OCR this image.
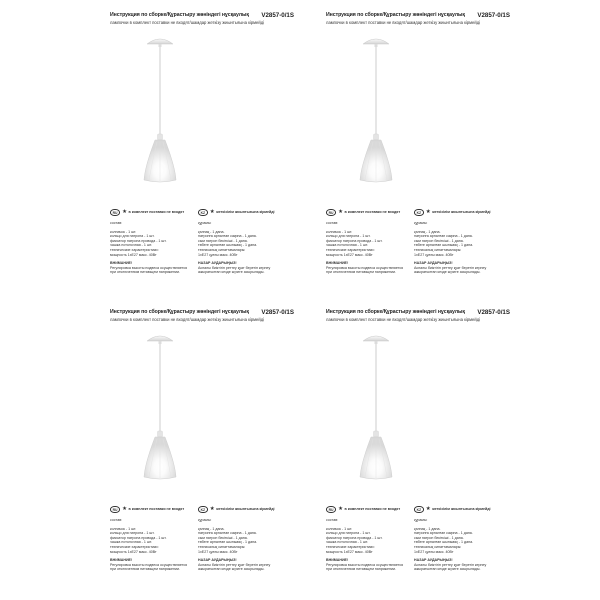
Инструкция по сборке/Құрастыру жөніндегі нұсқаулық V2857-0/1S
лампочки в комплект поставки не входят/шамдар жеткізу жиынтығына кірмейді
RU ★ в комплект поставки не входят
состав:
колпачок - 1 шт.
кольцо для патрона - 1 шт.
фиксатор патрона провода - 1 шт.
чашка потолочная - 1 шт.
технические характеристики:
мощность 1xE27 макс. 40Вт
ВНИМАНИЕ!
Регулировка высоты подвеса осуществляется
при отключенном питающем напряжении.
KZ ★ жеткізілім жиынтығына кірмейді
құрамы:
қалпақ - 1 дана.
патронға арналған сақина - 1 дана.
сым патрон бекіткіші - 1 дана.
төбеге арналған шыныаяқ - 1 дана.
техникалық сипаттамалары:
1хЕ27 қуаты макс. 40Вт
НАЗАР АУДАРЫҢЫЗ!
Аспалы биіктігін реттеу қуат беретін кернеу
ажыратылған кезде жүзеге асырылады.
Инструкция по сборке/Құрастыру жөніндегі нұсқаулық V2857-0/1S
лампочки в комплект поставки не входят/шамдар жеткізу жиынтығына кірмейді
RU ★ в комплект поставки не входят
состав:
колпачок - 1 шт.
кольцо для патрона - 1 шт.
фиксатор патрона провода - 1 шт.
чашка потолочная - 1 шт.
технические характеристики:
мощность 1xE27 макс. 40Вт
ВНИМАНИЕ!
Регулировка высоты подвеса осуществляется
при отключенном питающем напряжении.
KZ ★ жеткізілім жиынтығына кірмейді
құрамы:
қалпақ - 1 дана.
патронға арналған сақина - 1 дана.
сым патрон бекіткіші - 1 дана.
төбеге арналған шыныаяқ - 1 дана.
техникалық сипаттамалары:
1хЕ27 қуаты макс. 40Вт
НАЗАР АУДАРЫҢЫЗ!
Аспалы биіктігін реттеу қуат беретін кернеу
ажыратылған кезде жүзеге асырылады.
Инструкция по сборке/Құрастыру жөніндегі нұсқаулық V2857-0/1S
лампочки в комплект поставки не входят/шамдар жеткізу жиынтығына кірмейді
RU ★ в комплект поставки не входят
состав:
колпачок - 1 шт.
кольцо для патрона - 1 шт.
фиксатор патрона провода - 1 шт.
чашка потолочная - 1 шт.
технические характеристики:
мощность 1xE27 макс. 40Вт
ВНИМАНИЕ!
Регулировка высоты подвеса осуществляется
при отключенном питающем напряжении.
KZ ★ жеткізілім жиынтығына кірмейді
құрамы:
қалпақ - 1 дана.
патронға арналған сақина - 1 дана.
сым патрон бекіткіші - 1 дана.
төбеге арналған шыныаяқ - 1 дана.
техникалық сипаттамалары:
1хЕ27 қуаты макс. 40Вт
НАЗАР АУДАРЫҢЫЗ!
Аспалы биіктігін реттеу қуат беретін кернеу
ажыратылған кезде жүзеге асырылады.
Инструкция по сборке/Құрастыру жөніндегі нұсқаулық V2857-0/1S
лампочки в комплект поставки не входят/шамдар жеткізу жиынтығына кірмейді
RU ★ в комплект поставки не входят
состав:
колпачок - 1 шт.
кольцо для патрона - 1 шт.
фиксатор патрона провода - 1 шт.
чашка потолочная - 1 шт.
технические характеристики:
мощность 1xE27 макс. 40Вт
ВНИМАНИЕ!
Регулировка высоты подвеса осуществляется
при отключенном питающем напряжении.
KZ ★ жеткізілім жиынтығына кірмейді
құрамы:
қалпақ - 1 дана.
патронға арналған сақина - 1 дана.
сым патрон бекіткіші - 1 дана.
төбеге арналған шыныаяқ - 1 дана.
техникалық сипаттамалары:
1хЕ27 қуаты макс. 40Вт
НАЗАР АУДАРЫҢЫЗ!
Аспалы биіктігін реттеу қуат беретін кернеу
ажыратылған кезде жүзеге асырылады.
